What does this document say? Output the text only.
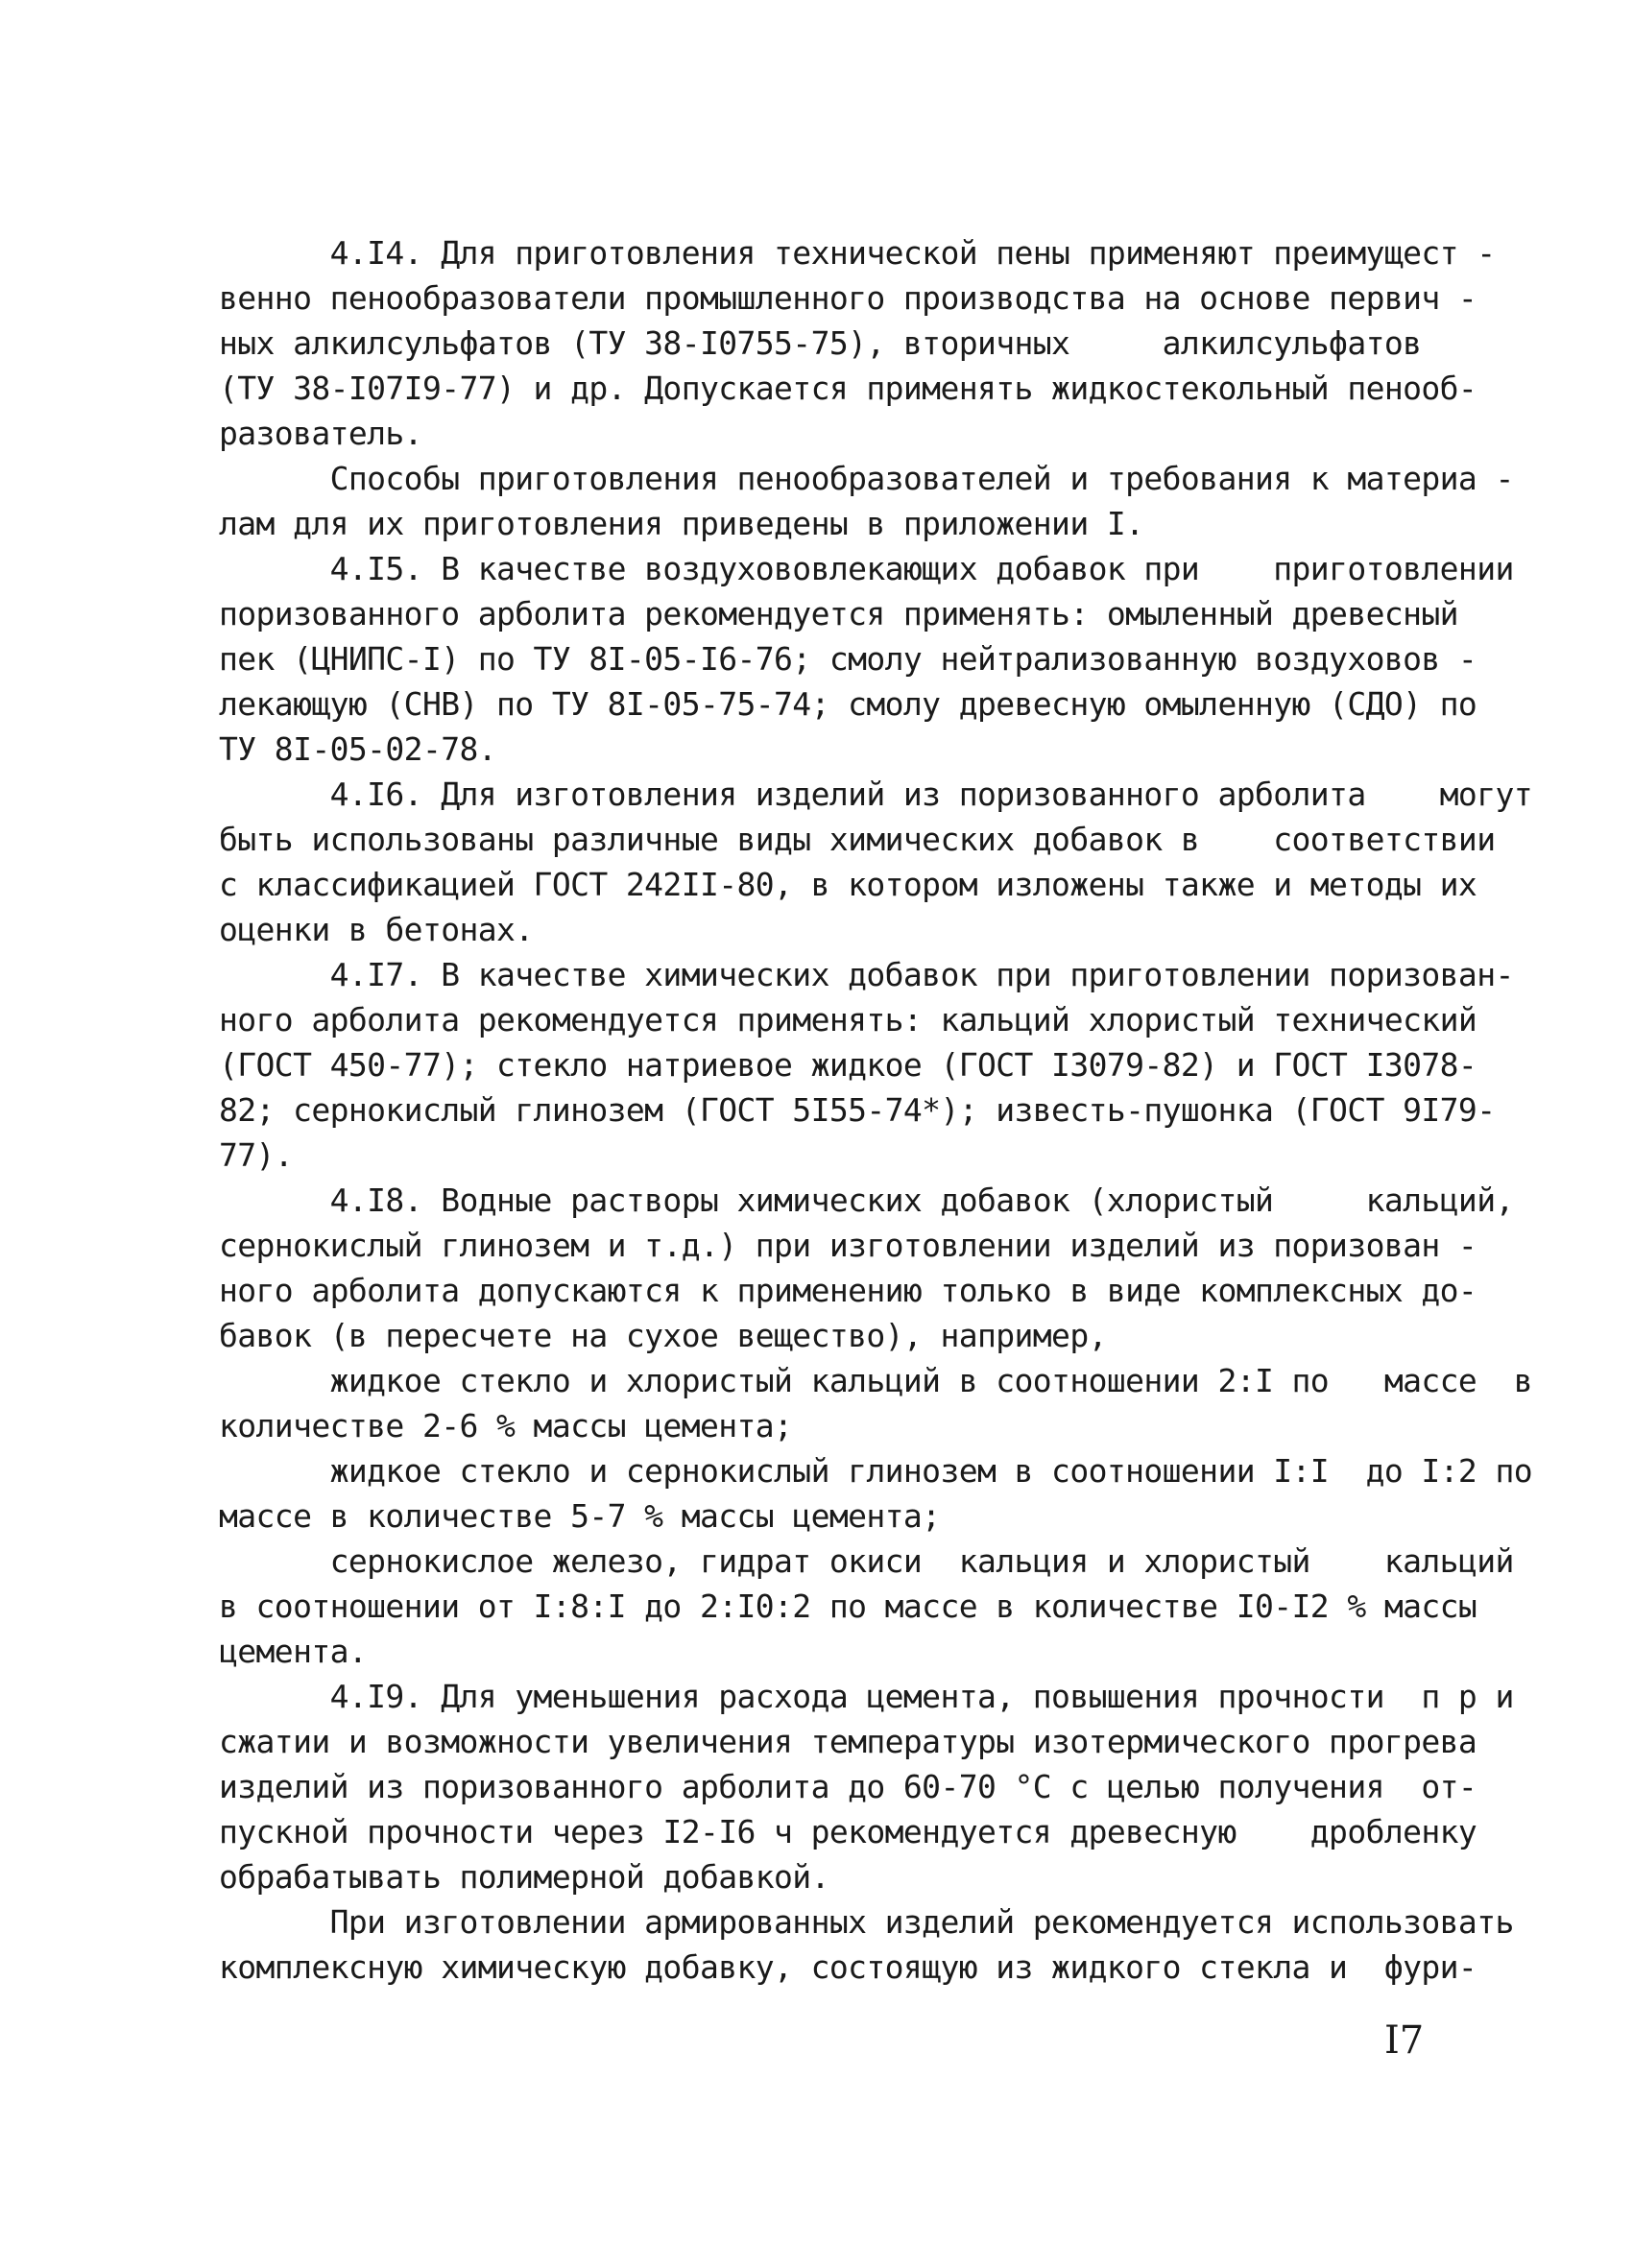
4.I4. Для приготовления технической пены применяют преимущест -
венно пенообразователи промышленного производства на основе первич -
ных алкилсульфатов (ТУ 38-I0755-75), вторичных     алкилсульфатов
(ТУ 38-I07I9-77) и др. Допускается применять жидкостекольный пенооб-
разователь.
Способы приготовления пенообразователей и требования к материа -
лам для их приготовления приведены в приложении I.
4.I5. В качестве воздухововлекающих добавок при    приготовлении
поризованного арболита рекомендуется применять: омыленный древесный
пек (ЦНИПС-I) по ТУ 8I-05-I6-76; смолу нейтрализованную воздуховов -
лекающую (СНВ) по ТУ 8I-05-75-74; смолу древесную омыленную (СДО) по
ТУ 8I-05-02-78.
4.I6. Для изготовления изделий из поризованного арболита    могут
быть использованы различные виды химических добавок в    соответствии
с классификацией ГОСТ 242II-80, в котором изложены также и методы их
оценки в бетонах.
4.I7. В качестве химических добавок при приготовлении поризован-
ного арболита рекомендуется применять: кальций хлористый технический
(ГОСТ 450-77); стекло натриевое жидкое (ГОСТ I3079-82) и ГОСТ I3078-
82; сернокислый глинозем (ГОСТ 5I55-74*); известь-пушонка (ГОСТ 9I79-
77).
4.I8. Водные растворы химических добавок (хлористый     кальций,
сернокислый глинозем и т.д.) при изготовлении изделий из поризован -
ного арболита допускаются к применению только в виде комплексных до-
бавок (в пересчете на сухое вещество), например,
жидкое стекло и хлористый кальций в соотношении 2:I по   массе  в
количестве 2-6 % массы цемента;
жидкое стекло и сернокислый глинозем в соотношении I:I  до I:2 по
массе в количестве 5-7 % массы цемента;
сернокислое железо, гидрат окиси  кальция и хлористый    кальций
в соотношении от I:8:I до 2:I0:2 по массе в количестве I0-I2 % массы
цемента.
4.I9. Для уменьшения расхода цемента, повышения прочности  п р и
сжатии и возможности увеличения температуры изотермического прогрева
изделий из поризованного арболита до 60-70 °С с целью получения  от-
пускной прочности через I2-I6 ч рекомендуется древесную    дробленку
обрабатывать полимерной добавкой.
При изготовлении армированных изделий рекомендуется использовать
комплексную химическую добавку, состоящую из жидкого стекла и  фури-
I7
